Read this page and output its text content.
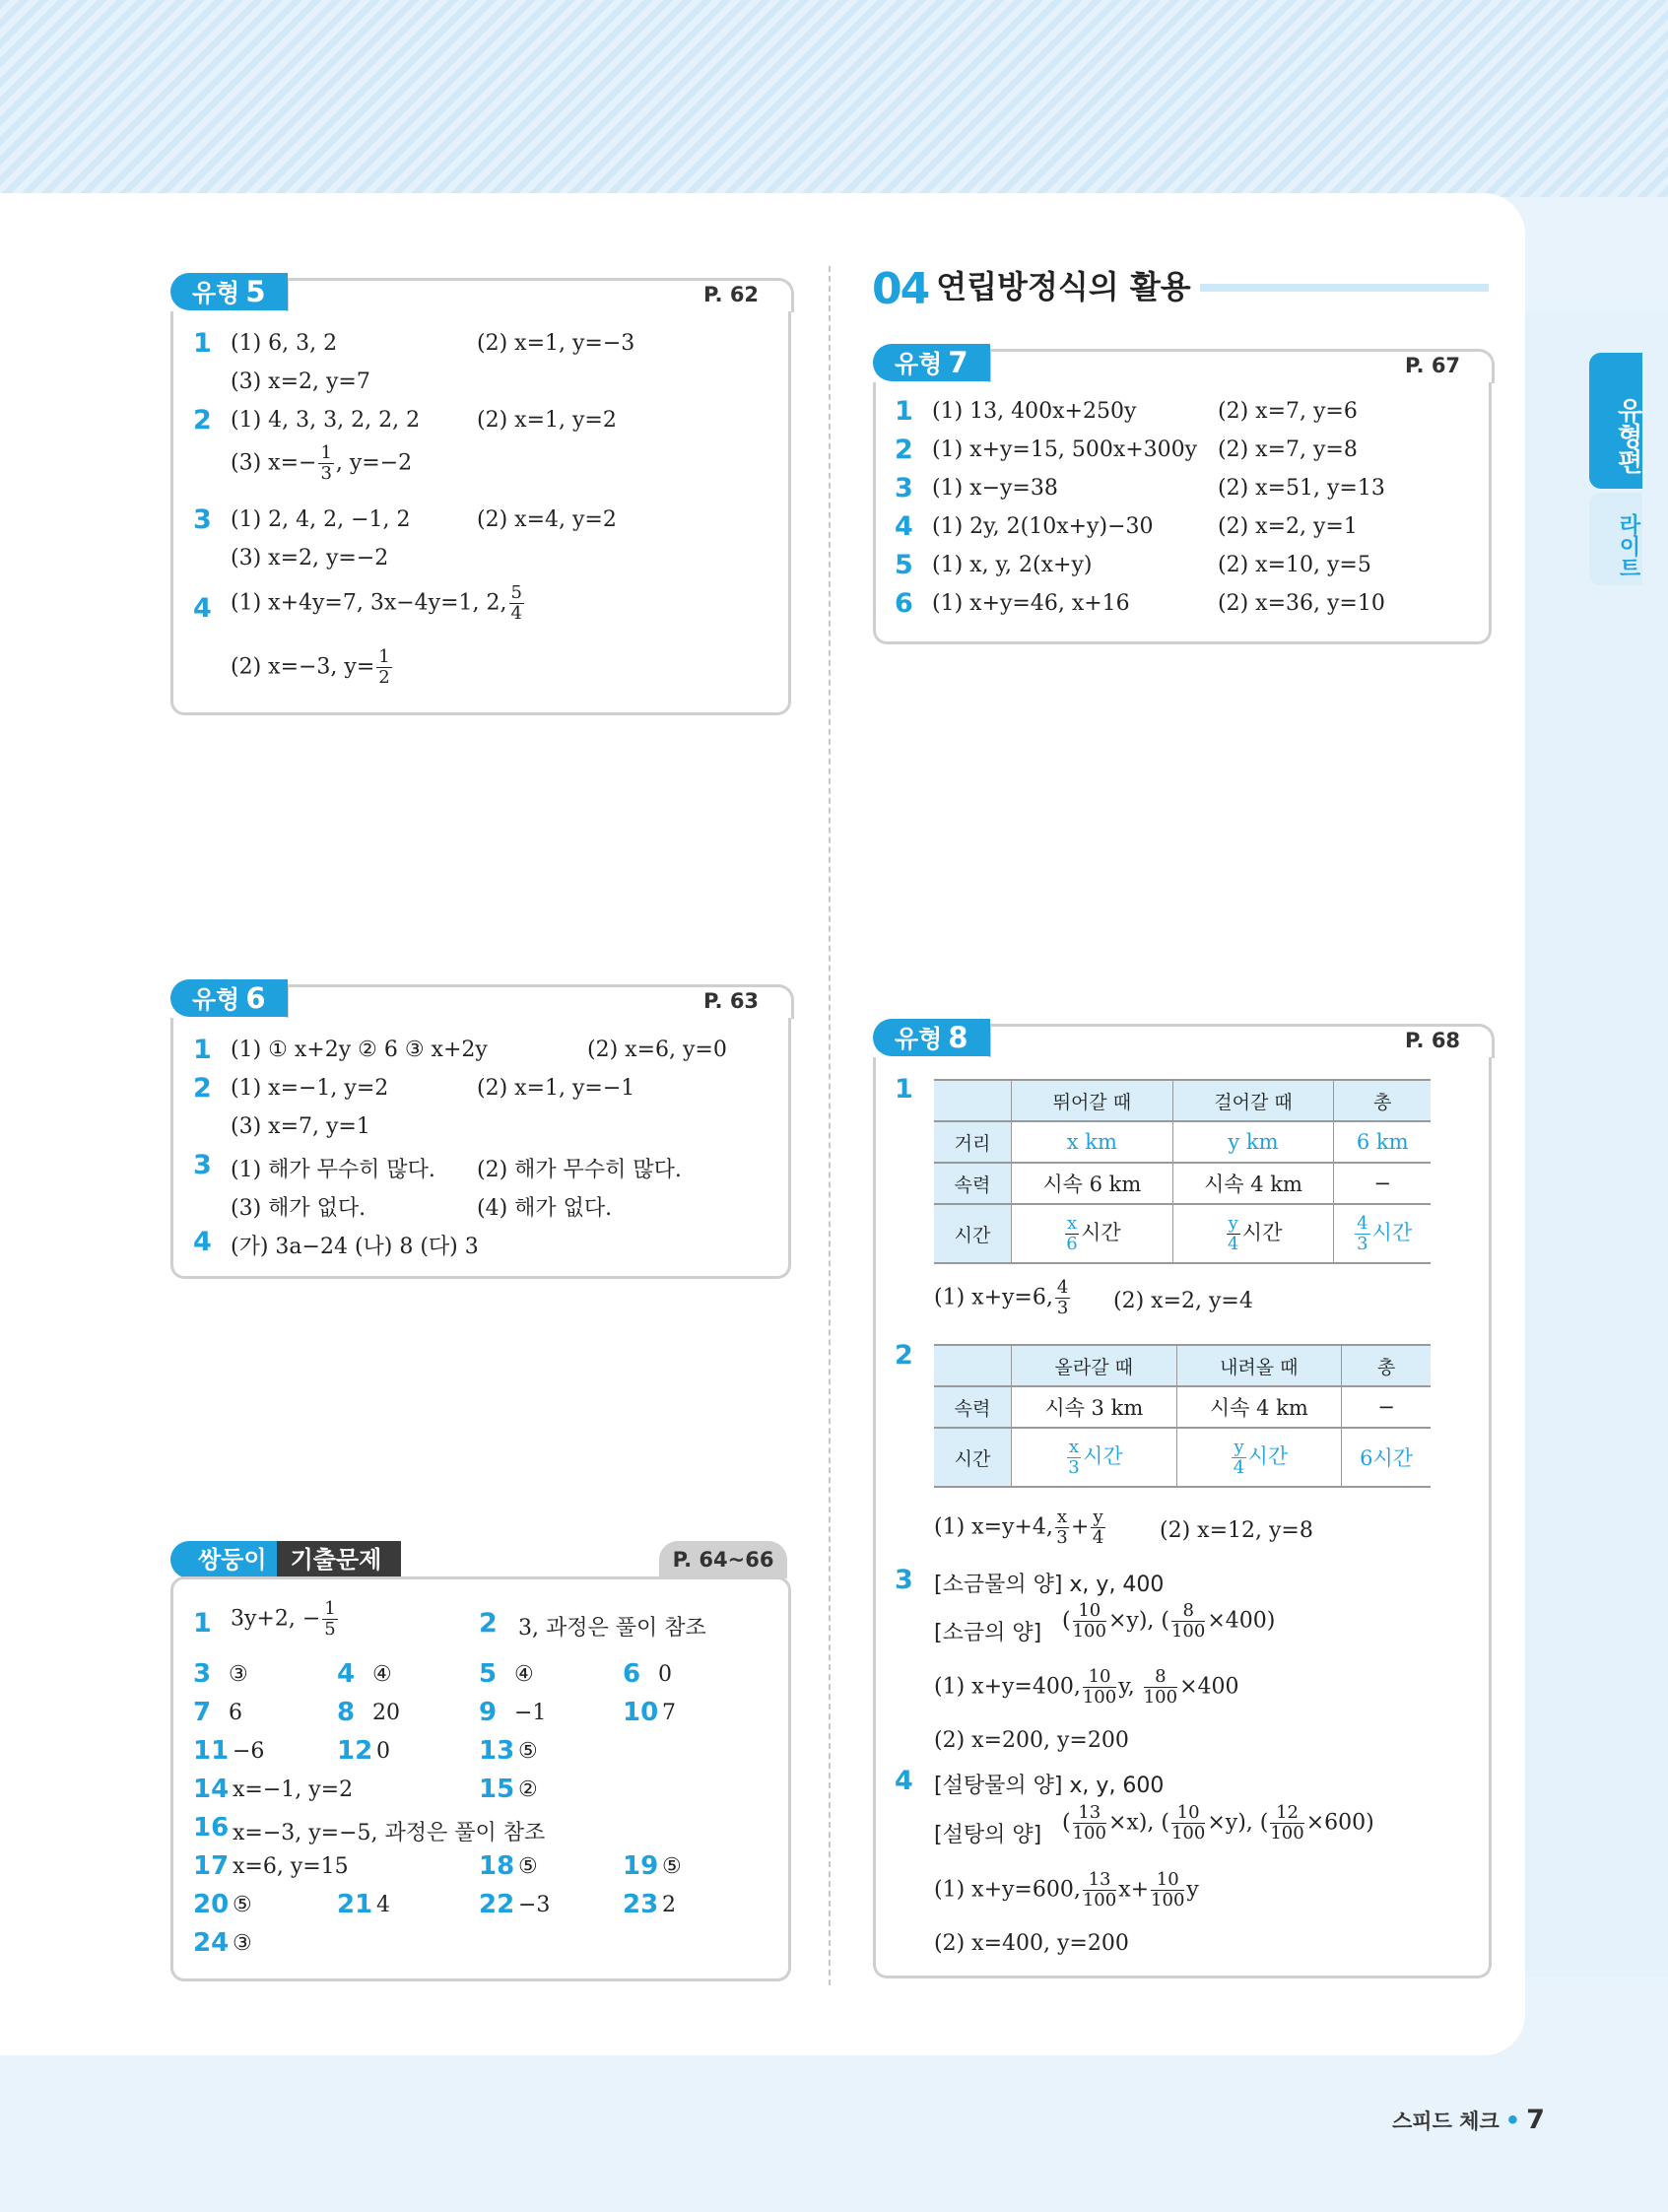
유형편
라이트
유형 5	P. 62
1 (1) 6, 3, 2	(2) x=1, y=−3
(3) x=2, y=7
2 (1) 4, 3, 3, 2, 2, 2	(2) x=1, y=2
(3) $x=- \frac{1}{3}$ , y=−2
3 (1) 2, 4, 2, −1, 2	(2) x=4, y=2
(3) x=2, y=−2
4 (1) x+4y=7, 3x−4y=1, 2, $\frac{5}{4}$
(2) x=−3, $y= \frac{1}{2}$
유형 6	P. 63
1 (1) ① x+2y ② 6 ③ x+2y	(2) x=6, y=0
2 (1) x=−1, y=2	(2) x=1, y=−1
(3) x=7, y=1
3 (1) 해가 무수히 많다. (2) 해가 무수히 많다.
(3) 해가 없다.	(4) 해가 없다.
4 (가) 3a−24 (나) 8 (다) 3
쌍둥이 기출문제	P. 64~66
1 3y+2, − $\frac{1}{5}$	2 3, 과정은 풀이 참조
3 ③	4 ④	5 ④	6 0
7 6	8 20	9 −1	10 7
11 −6	12 0	13 ⑤
14 x=−1, y=2	15 ②
16 x=−3, y=−5, 과정은 풀이 참조
17 x=6, y=15	18 ⑤	19 ⑤
20 ⑤	21 4	22 −3	23 2
24 ③
04 연립방정식의 활용
유형 7	P. 67
1 (1) 13, 400x+250y	(2) x=7, y=6
2 (1) x+y=15, 500x+300y (2) x=7, y=8
3 (1) x−y=38	(2) x=51, y=13
4 (1) 2y, 2(10x+y)−30	(2) x=2, y=1
5 (1) x, y, 2(x+y)	(2) x=10, y=5
6 (1) x+y=46, x+16	(2) x=36, y=10
유형 8	P. 68
1
		뛰어갈 때	걸어갈 때	총
거리	x km	y km	6 km
속력	시속 6 km	시속 4 km	−
시간	$\frac{x}{6}$ 시간	$\frac{y}{4}$ 시간	$\frac{4}{3}$ 시간
(1) x+y=6, $\frac{4}{3} (2)$ x=2, y=4
2
		올라갈 때	내려올 때	총
속력	시속 3 km	시속 4 km	−
시간	$\frac{x}{3}$ 시간	$\frac{y}{4}$ 시간	6시간
(1) x=y+4, $\frac{x}{3} + \frac{y}{4}$	(2) x=12, y=8
3 [소금물의 양] x, y, 400
[소금의 양] ( $\frac{10}{100} \times y$), ( $\frac{8}{100} \times 400$)
(1) x+y=400, $\frac{10}{100} y$, $\frac{8}{100} \times 400$
(2) x=200, y=200
4 [설탕물의 양] x, y, 600
[설탕의 양] ( $\frac{13}{100} \times x$), ( $\frac{10}{100} \times y$), ( $\frac{12}{100} \times 600$)
(1) x+y=600, $\frac{13}{100} x+ \frac{10}{100}$ y
(2) x=400, y=200
스피드 체크 • 7
